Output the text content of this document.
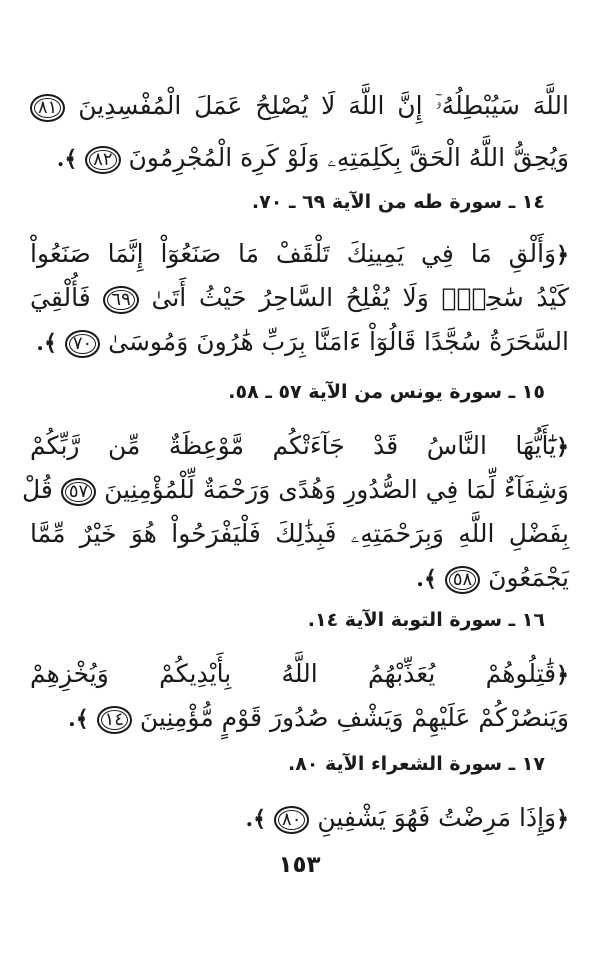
اللَّهَ سَيُبْطِلُهُۥٓ إِنَّ اللَّهَ لَا يُصْلِحُ عَمَلَ الْمُفْسِدِينَ ٨١
وَيُحِقُّ اللَّهُ الْحَقَّ بِكَلِمَتِهِۦ وَلَوْ كَرِهَ الْمُجْرِمُونَ ٨٢ ﴾.
١٤ ـ سورة طه من الآية ٦٩ ـ ٧٠.
﴿وَأَلْقِ مَا فِي يَمِينِكَ تَلْقَفْ مَا صَنَعُوٓاْ إِنَّمَا صَنَعُواْ
كَيْدُ سَٰحِرٍۖ وَلَا يُفْلِحُ السَّاحِرُ حَيْثُ أَتَىٰ ٦٩ فَأُلْقِيَ
السَّحَرَةُ سُجَّدًا قَالُوٓاْ ءَامَنَّا بِرَبِّ هَٰرُونَ وَمُوسَىٰ ٧٠ ﴾.
١٥ ـ سورة يونس من الآية ٥٧ ـ ٥٨.
﴿يَٰٓأَيُّهَا النَّاسُ قَدْ جَآءَتْكُم مَّوْعِظَةٌ مِّن رَّبِّكُمْ
وَشِفَآءٌ لِّمَا فِي الصُّدُورِ وَهُدًى وَرَحْمَةٌ لِّلْمُؤْمِنِينَ ٥٧ قُلْ
بِفَضْلِ اللَّهِ وَبِرَحْمَتِهِۦ فَبِذَٰلِكَ فَلْيَفْرَحُواْ هُوَ خَيْرٌ مِّمَّا
يَجْمَعُونَ ٥٨ ﴾.
١٦ ـ سورة التوبة الآية ١٤.
﴿قَٰتِلُوهُمْ يُعَذِّبْهُمُ اللَّهُ بِأَيْدِيكُمْ وَيُخْزِهِمْ
وَيَنصُرْكُمْ عَلَيْهِمْ وَيَشْفِ صُدُورَ قَوْمٍ مُّؤْمِنِينَ ١٤ ﴾.
١٧ ـ سورة الشعراء الآية ٨٠.
﴿وَإِذَا مَرِضْتُ فَهُوَ يَشْفِينِ ٨٠ ﴾.
١٥٣
